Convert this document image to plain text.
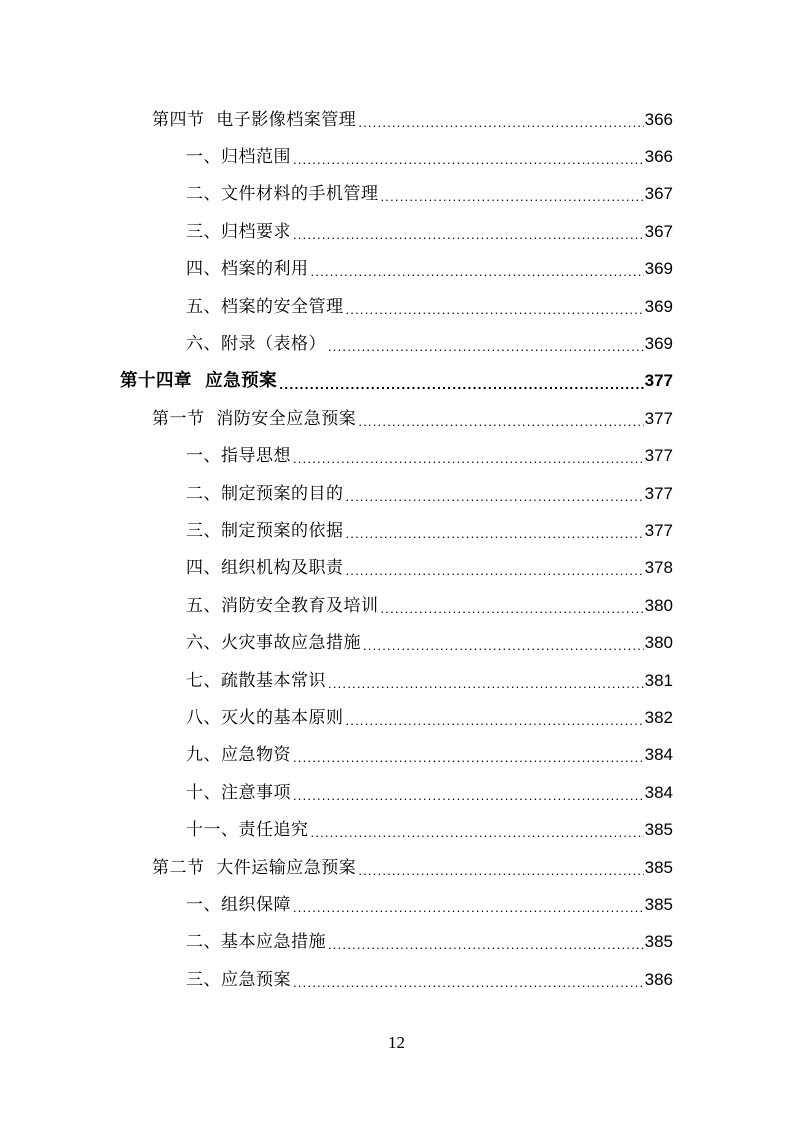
第四节  电子影像档案管理 .....	366
一、归档范围 .....	366
二、文件材料的手机管理 .....	367
三、归档要求 .....	367
四、档案的利用 .....	369
五、档案的安全管理 .....	369
六、附录（表格） .....	369
第十四章  应急预案 .....	377
第一节  消防安全应急预案 .....	377
一、指导思想 .....	377
二、制定预案的目的 .....	377
三、制定预案的依据 .....	377
四、组织机构及职责 .....	378
五、消防安全教育及培训 .....	380
六、火灾事故应急措施 .....	380
七、疏散基本常识 .....	381
八、灭火的基本原则 .....	382
九、应急物资 .....	384
十、注意事项 .....	384
十一、责任追究 .....	385
第二节  大件运输应急预案 .....	385
一、组织保障 .....	385
二、基本应急措施 .....	385
三、应急预案 .....	386
12
